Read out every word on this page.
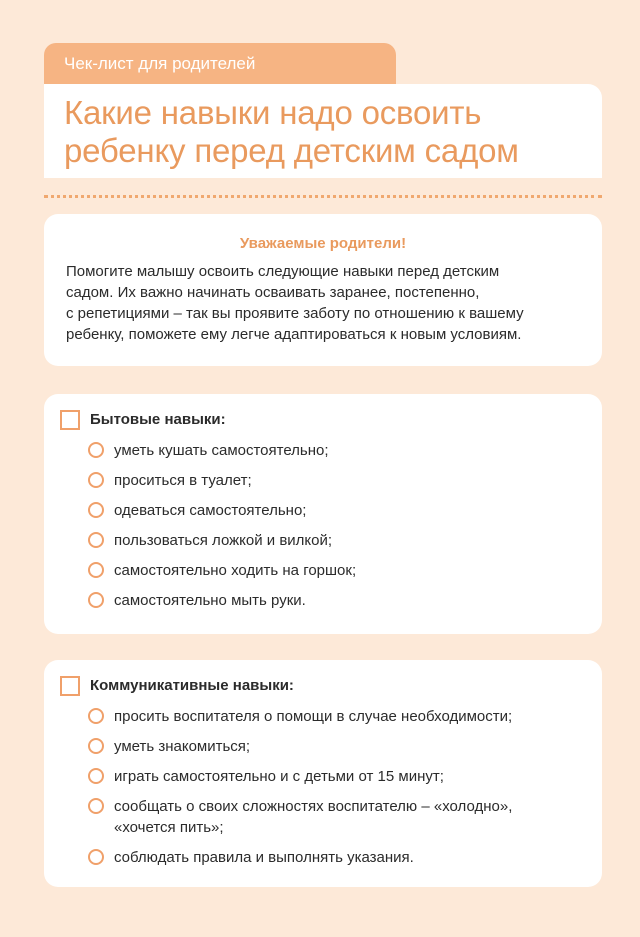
Чек-лист для родителей
Какие навыки надо освоить
ребенку перед детским садом
Уважаемые родители!
Помогите малышу освоить следующие навыки перед детским
садом. Их важно начинать осваивать заранее, постепенно,
с репетициями – так вы проявите заботу по отношению к вашему
ребенку, поможете ему легче адаптироваться к новым условиям.
Бытовые навыки:
уметь кушать самостоятельно;
проситься в туалет;
одеваться самостоятельно;
пользоваться ложкой и вилкой;
самостоятельно ходить на горшок;
самостоятельно мыть руки.
Коммуникативные навыки:
просить воспитателя о помощи в случае необходимости;
уметь знакомиться;
играть самостоятельно и с детьми от 15 минут;
сообщать о своих сложностях воспитателю – «холодно»,
«хочется пить»;
соблюдать правила и выполнять указания.
